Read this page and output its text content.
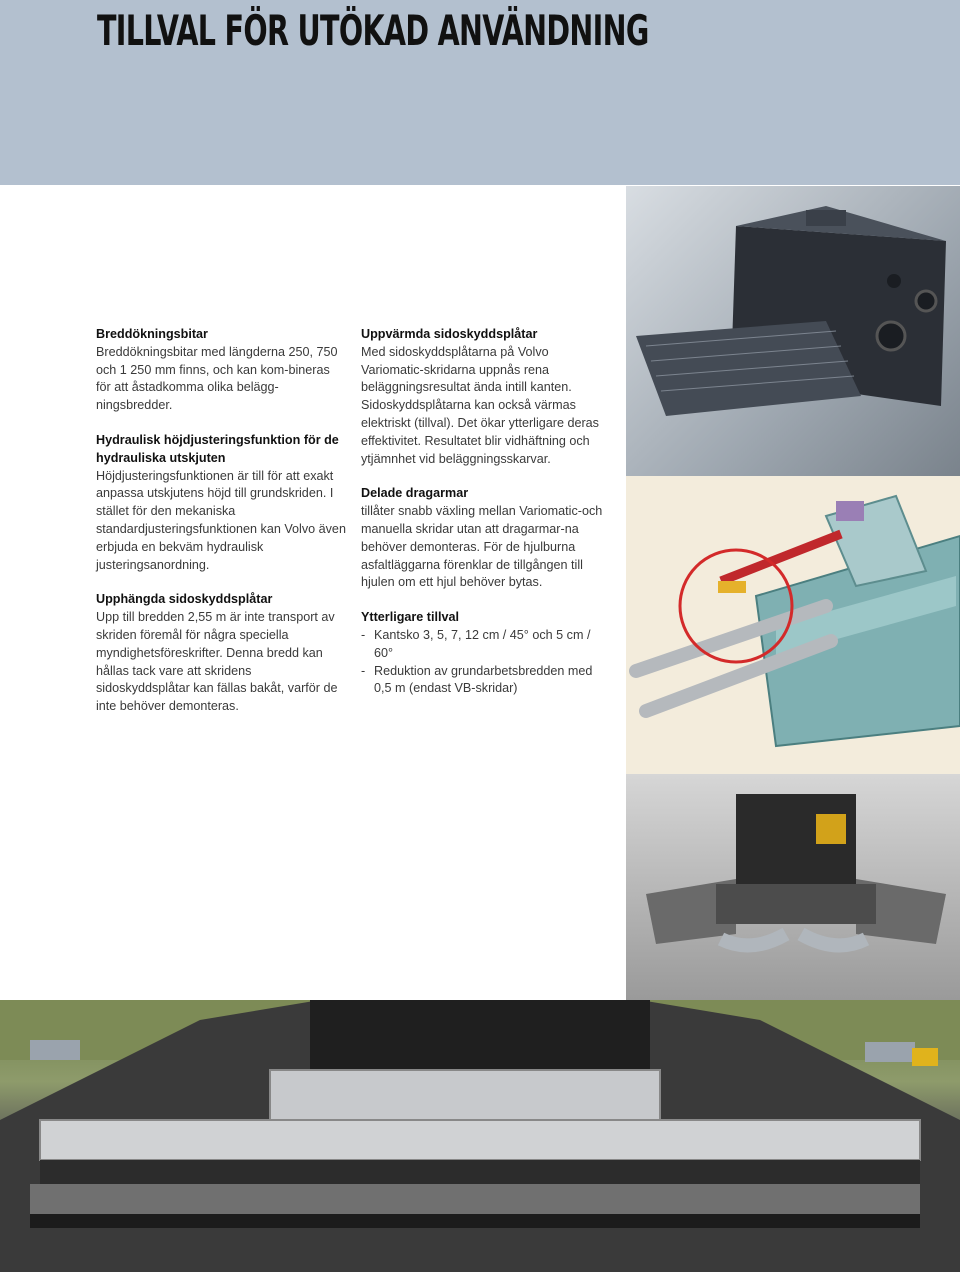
TILLVAL FÖR UTÖKAD ANVÄNDNING
Breddökningsbitar

Breddökningsbitar med längderna 250, 750 och 1 250 mm finns, och kan kom-bineras för att åstadkomma olika belägg-ningsbredder.

Hydraulisk höjdjusteringsfunktion för de hydrauliska utskjuten

Höjdjusteringsfunktionen är till för att exakt anpassa utskjutens höjd till grundskriden. I stället för den mekaniska standardjusteringsfunktionen kan Volvo även erbjuda en bekväm hydraulisk justeringsanordning.

Upphängda sidoskyddsplåtar

Upp till bredden 2,55 m är inte transport av skriden föremål för några speciella myndighetsföreskrifter. Denna bredd kan hållas tack vare att skridens sidoskyddsplåtar kan fällas bakåt, varför de inte behöver demonteras.

Uppvärmda sidoskyddsplåtar

Med sidoskyddsplåtarna på Volvo Variomatic-skridarna uppnås rena beläggningsresultat ända intill kanten. Sidoskyddsplåtarna kan också värmas elektriskt (tillval). Det ökar ytterligare deras effektivitet. Resultatet blir vidhäftning och ytjämnhet vid beläggningsskarvar.

Delade dragarmar

tillåter snabb växling mellan Variomatic-och manuella skridar utan att dragarmar-na behöver demonteras. För de hjulburna asfaltläggarna förenklar de tillgången till hjulen om ett hjul behöver bytas.

Ytterligare tillval
- Kantsko 3, 5, 7, 12 cm / 45° och 5 cm / 60°
- Reduktion av grundarbetsbredden med 0,5 m (endast VB-skridar)
